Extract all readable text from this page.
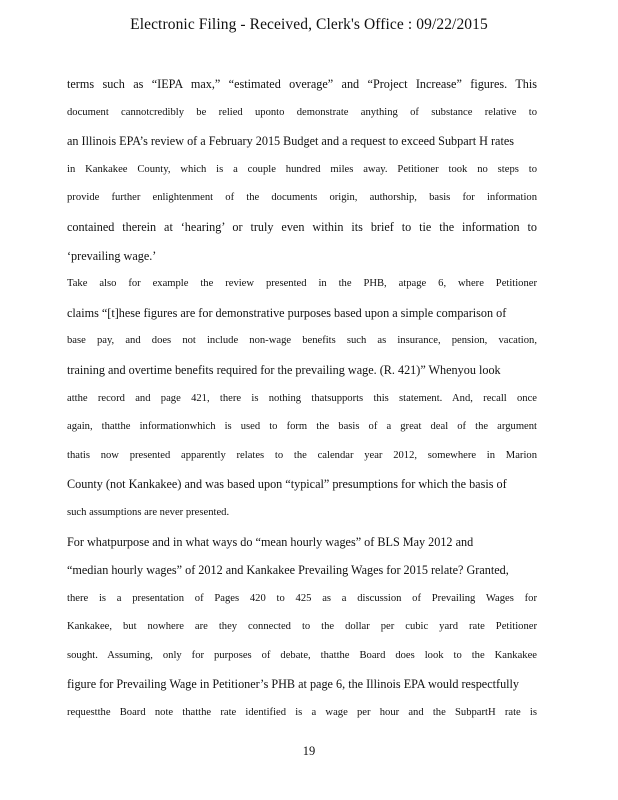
Electronic Filing - Received, Clerk's Office : 09/22/2015
terms such as “IEPA max,” “estimated overage” and “Project Increase” figures. This
document cannotcredibly be relied uponto demonstrate anything of substance relative to
an Illinois EPA’s review of a February 2015 Budget and a request to exceed Subpart H rates
in Kankakee County, which is a couple hundred miles away. Petitioner took no steps to
provide further enlightenment of the documents origin, authorship, basis for information
contained therein at ‘hearing’ or truly even within its brief to tie the information to
‘prevailing wage.’
Take also for example the review presented in the PHB, atpage 6, where Petitioner
claims “[t]hese figures are for demonstrative purposes based upon a simple comparison of
base pay, and does not include non-wage benefits such as insurance, pension, vacation,
training and overtime benefits required for the prevailing wage. (R. 421)” Whenyou look
atthe record and page 421, there is nothing thatsupports this statement. And, recall once
again, thatthe informationwhich is used to form the basis of a great deal of the argument
thatis now presented apparently relates to the calendar year 2012, somewhere in Marion
County (not Kankakee) and was based upon “typical” presumptions for which the basis of
such assumptions are never presented.
For whatpurpose and in what ways do “mean hourly wages” of BLS May 2012 and
“median hourly wages” of 2012 and Kankakee Prevailing Wages for 2015 relate? Granted,
there is a presentation of Pages 420 to 425 as a discussion of Prevailing Wages for
Kankakee, but nowhere are they connected to the dollar per cubic yard rate Petitioner
sought. Assuming, only for purposes of debate, thatthe Board does look to the Kankakee
figure for Prevailing Wage in Petitioner’s PHB at page 6, the Illinois EPA would respectfully
requestthe Board note thatthe rate identified is a wage per hour and the SubpartH rate is
19
